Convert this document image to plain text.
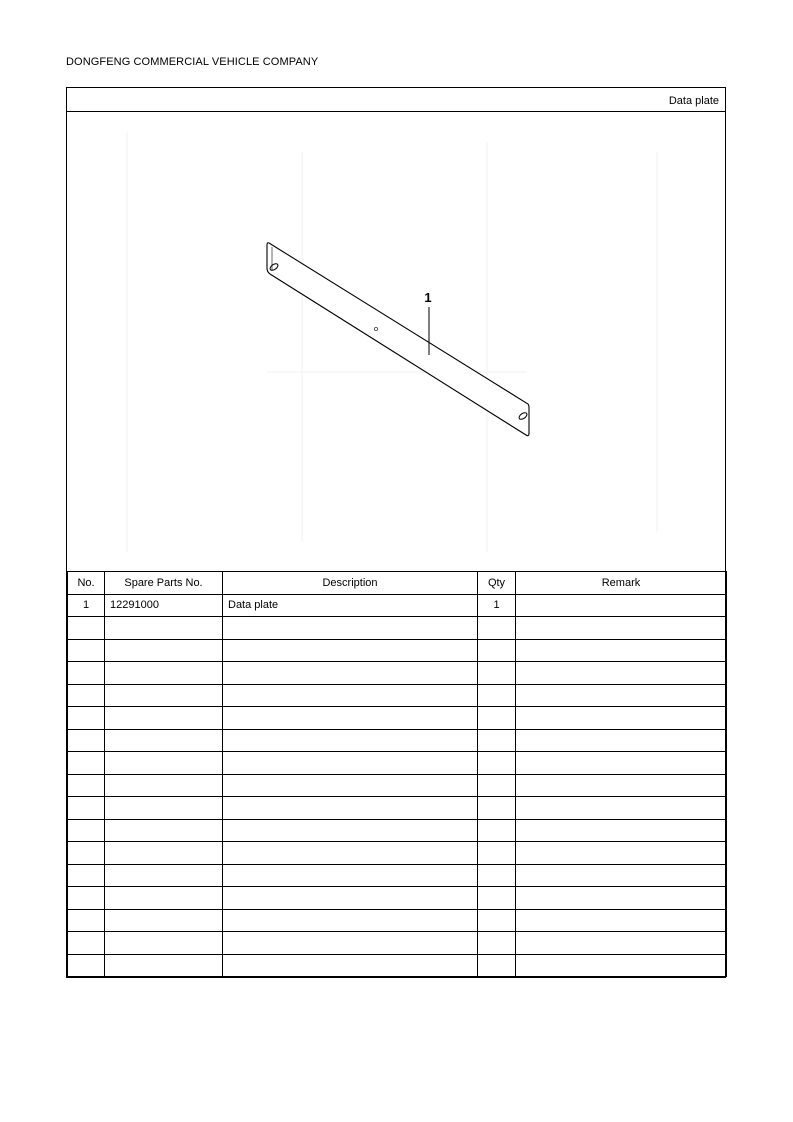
DONGFENG COMMERCIAL VEHICLE COMPANY
Data plate
1
No.	Spare Parts No.	Description	Qty	Remark
1	12291000	Data plate	1	
